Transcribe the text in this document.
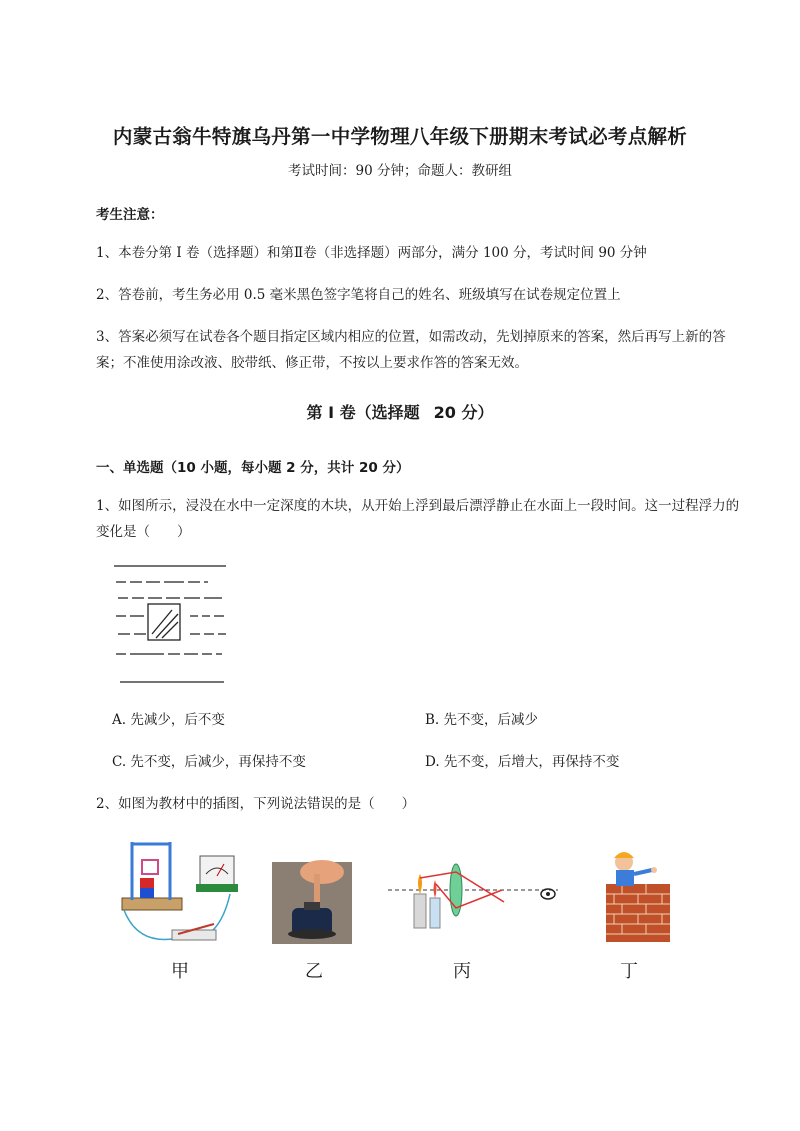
内蒙古翁牛特旗乌丹第一中学物理八年级下册期末考试必考点解析
考试时间：90 分钟；命题人：教研组
考生注意：
1、本卷分第 I 卷（选择题）和第Ⅱ卷（非选择题）两部分，满分 100 分，考试时间 90 分钟
2、答卷前，考生务必用 0.5 毫米黑色签字笔将自己的姓名、班级填写在试卷规定位置上
3、答案必须写在试卷各个题目指定区域内相应的位置，如需改动，先划掉原来的答案，然后再写上新的答案；不准使用涂改液、胶带纸、修正带，不按以上要求作答的答案无效。
第 I 卷（选择题 20 分）
一、单选题（10 小题，每小题 2 分，共计 20 分）
1、如图所示，浸没在水中一定深度的木块，从开始上浮到最后漂浮静止在水面上一段时间。这一过程浮力的变化是（　　）
A. 先减少，后不变	B. 先不变，后减少
C. 先不变，后减少，再保持不变	D. 先不变，后增大，再保持不变
2、如图为教材中的插图，下列说法错误的是（　　）
甲	乙	丙	丁
